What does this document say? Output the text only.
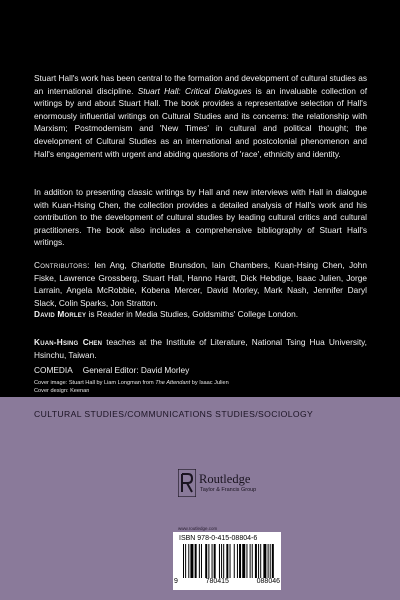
Stuart Hall's work has been central to the formation and development of cultural studies as an international discipline. Stuart Hall: Critical Dialogues is an invaluable collection of writings by and about Stuart Hall. The book provides a representative selection of Hall's enormously influential writings on Cultural Studies and its concerns: the relationship with Marxism; Postmodernism and 'New Times' in cultural and political thought; the development of Cultural Studies as an international and postcolonial phenomenon and Hall's engagement with urgent and abiding questions of 'race', ethnicity and identity.

In addition to presenting classic writings by Hall and new interviews with Hall in dialogue with Kuan-Hsing Chen, the collection provides a detailed analysis of Hall's work and his contribution to the development of cultural studies by leading cultural critics and cultural practitioners. The book also includes a comprehensive bibliography of Stuart Hall's writings.

Contributors: Ien Ang, Charlotte Brunsdon, Iain Chambers, Kuan-Hsing Chen, John Fiske, Lawrence Grossberg, Stuart Hall, Hanno Hardt, Dick Hebdige, Isaac Julien, Jorge Larrain, Angela McRobbie, Kobena Mercer, David Morley, Mark Nash, Jennifer Daryl Slack, Colin Sparks, Jon Stratton.

David Morley is Reader in Media Studies, Goldsmiths' College London.

Kuan-Hsing Chen teaches at the Institute of Literature, National Tsing Hua University, Hsinchu, Taiwan.

COMEDIA General Editor: David Morley
Cover image: Stuart Hall by Liam Longman from The Attendant by Isaac Julien
Cover design: Keenan
CULTURAL STUDIES/COMMUNICATIONS STUDIES/SOCIOLOGY
Routledge
Taylor & Francis Group
www.routledge.com
ISBN 978-0-415-08804-6
9	780415	088046
